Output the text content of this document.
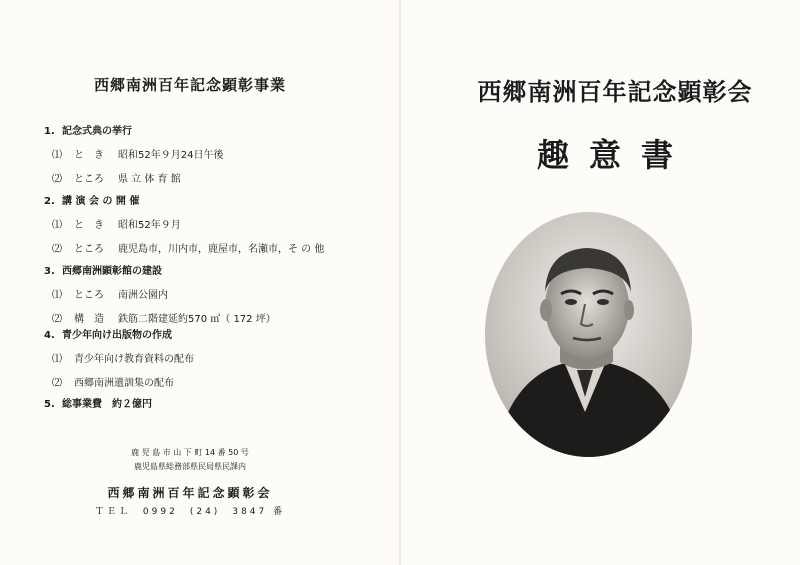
西郷南洲百年記念顕彰事業
1. 記念式典の挙行
⑴ と　き 昭和52年９月24日午後
⑵ ところ 県 立 体 育 館
2. 講 演 会 の 開 催
⑴ と　き 昭和52年９月
⑵ ところ 鹿児島市，川内市，鹿屋市，名瀬市，そ の 他
3. 西郷南洲顕彰館の建設
⑴ ところ 南洲公園内
⑵ 構　造 鉄筋二階建延約570 ㎡（ 172 坪）
4. 青少年向け出版物の作成
⑴ 青少年向け教育資料の配布
⑵ 西郷南洲遺訓集の配布
5. 総事業費　約２億円
鹿 児 島 市 山 下 町 14 番 50 号
鹿児島県総務部県民局県民課内
西郷南洲百年記念顕彰会
ＴＥＬ　0992　(24)　3847 番
西郷南洲百年記念顕彰会
趣意書
